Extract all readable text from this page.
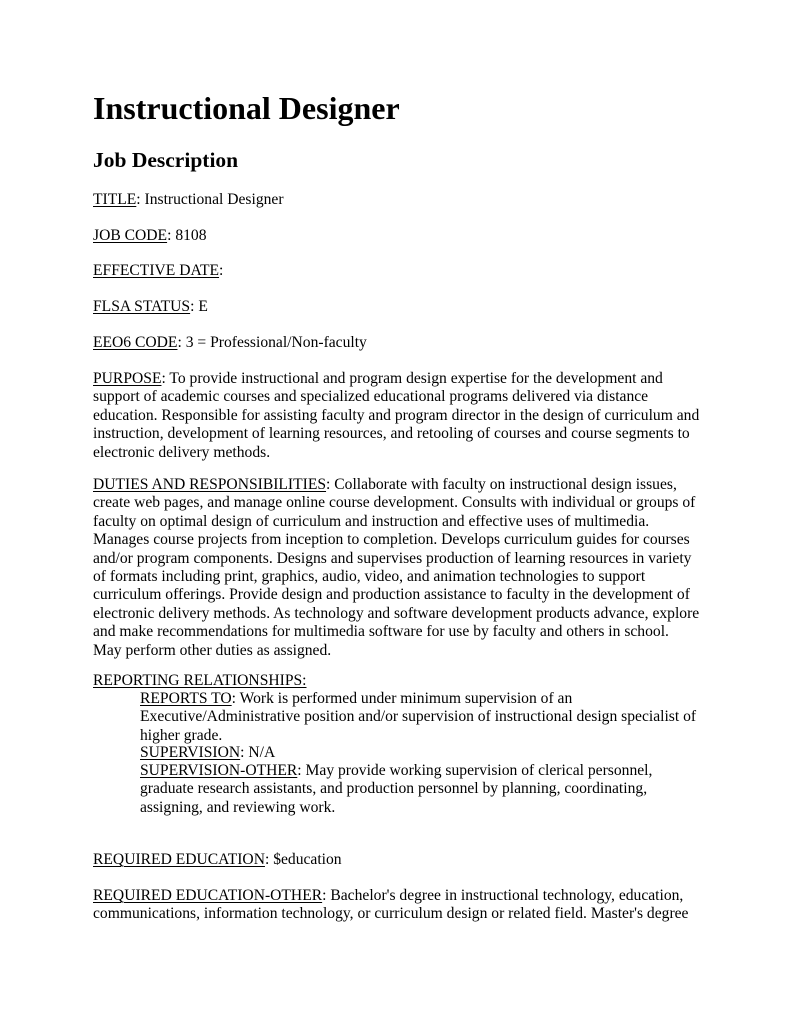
Instructional Designer
Job Description

TITLE: Instructional Designer

JOB CODE: 8108

EFFECTIVE DATE:

FLSA STATUS: E

EEO6 CODE: 3 = Professional/Non-faculty

PURPOSE: To provide instructional and program design expertise for the development and
support of academic courses and specialized educational programs delivered via distance
education. Responsible for assisting faculty and program director in the design of curriculum and
instruction, development of learning resources, and retooling of courses and course segments to
electronic delivery methods.

DUTIES AND RESPONSIBILITIES: Collaborate with faculty on instructional design issues,
create web pages, and manage online course development. Consults with individual or groups of
faculty on optimal design of curriculum and instruction and effective uses of multimedia.
Manages course projects from inception to completion. Develops curriculum guides for courses
and/or program components. Designs and supervises production of learning resources in variety
of formats including print, graphics, audio, video, and animation technologies to support
curriculum offerings. Provide design and production assistance to faculty in the development of
electronic delivery methods. As technology and software development products advance, explore
and make recommendations for multimedia software for use by faculty and others in school.
May perform other duties as assigned.

REPORTING RELATIONSHIPS:

REPORTS TO: Work is performed under minimum supervision of an
Executive/Administrative position and/or supervision of instructional design specialist of
higher grade.

SUPERVISION: N/A

SUPERVISION-OTHER: May provide working supervision of clerical personnel,
graduate research assistants, and production personnel by planning, coordinating,
assigning, and reviewing work.

REQUIRED EDUCATION: $education

REQUIRED EDUCATION-OTHER: Bachelor's degree in instructional technology, education,
communications, information technology, or curriculum design or related field. Master's degree
